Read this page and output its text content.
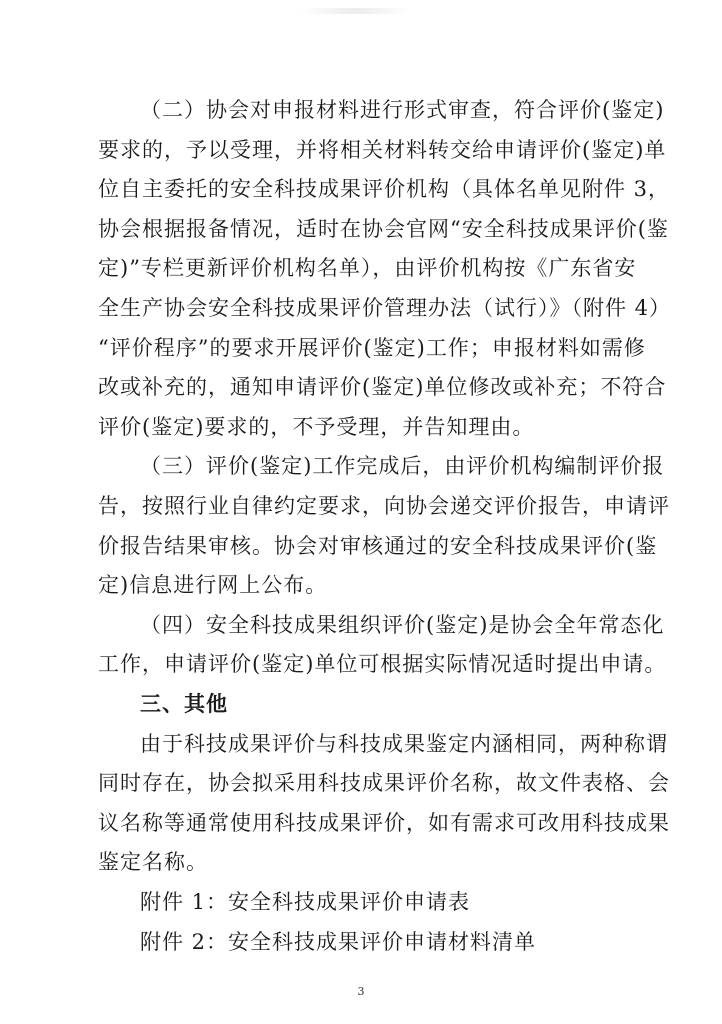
（二）协会对申报材料进行形式审查，符合评价(鉴定)
要求的，予以受理，并将相关材料转交给申请评价(鉴定)单
位自主委托的安全科技成果评价机构（具体名单见附件 3，
协会根据报备情况，适时在协会官网“安全科技成果评价(鉴
定)”专栏更新评价机构名单），由评价机构按《广东省安
全生产协会安全科技成果评价管理办法（试行）》（附件 4）
“评价程序”的要求开展评价(鉴定)工作；申报材料如需修
改或补充的，通知申请评价(鉴定)单位修改或补充；不符合
评价(鉴定)要求的，不予受理，并告知理由。
（三）评价(鉴定)工作完成后，由评价机构编制评价报
告，按照行业自律约定要求，向协会递交评价报告，申请评
价报告结果审核。协会对审核通过的安全科技成果评价(鉴
定)信息进行网上公布。
（四）安全科技成果组织评价(鉴定)是协会全年常态化
工作，申请评价(鉴定)单位可根据实际情况适时提出申请。
三、其他
由于科技成果评价与科技成果鉴定内涵相同，两种称谓
同时存在，协会拟采用科技成果评价名称，故文件表格、会
议名称等通常使用科技成果评价，如有需求可改用科技成果
鉴定名称。
附件 1：安全科技成果评价申请表
3
附件 2：安全科技成果评价申请材料清单
